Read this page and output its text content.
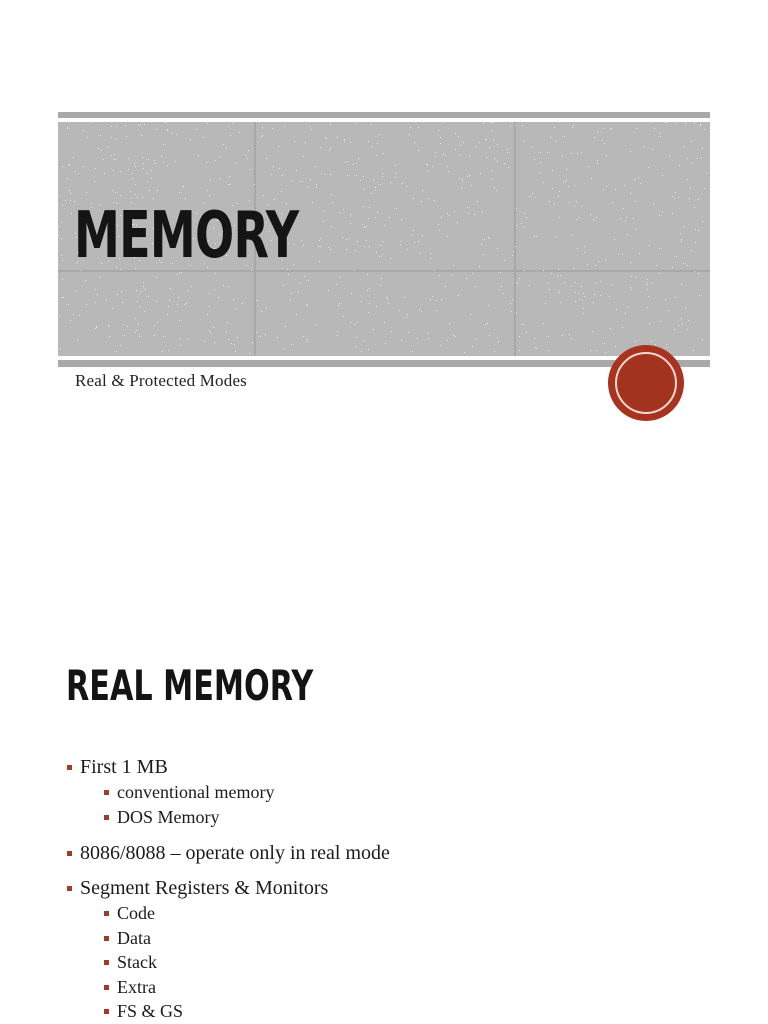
MEMORY

Real & Protected Modes

REAL MEMORY
First 1 MB
conventional memory
DOS Memory
8086/8088 – operate only in real mode
Segment Registers & Monitors
Code
Data
Stack
Extra
FS & GS
